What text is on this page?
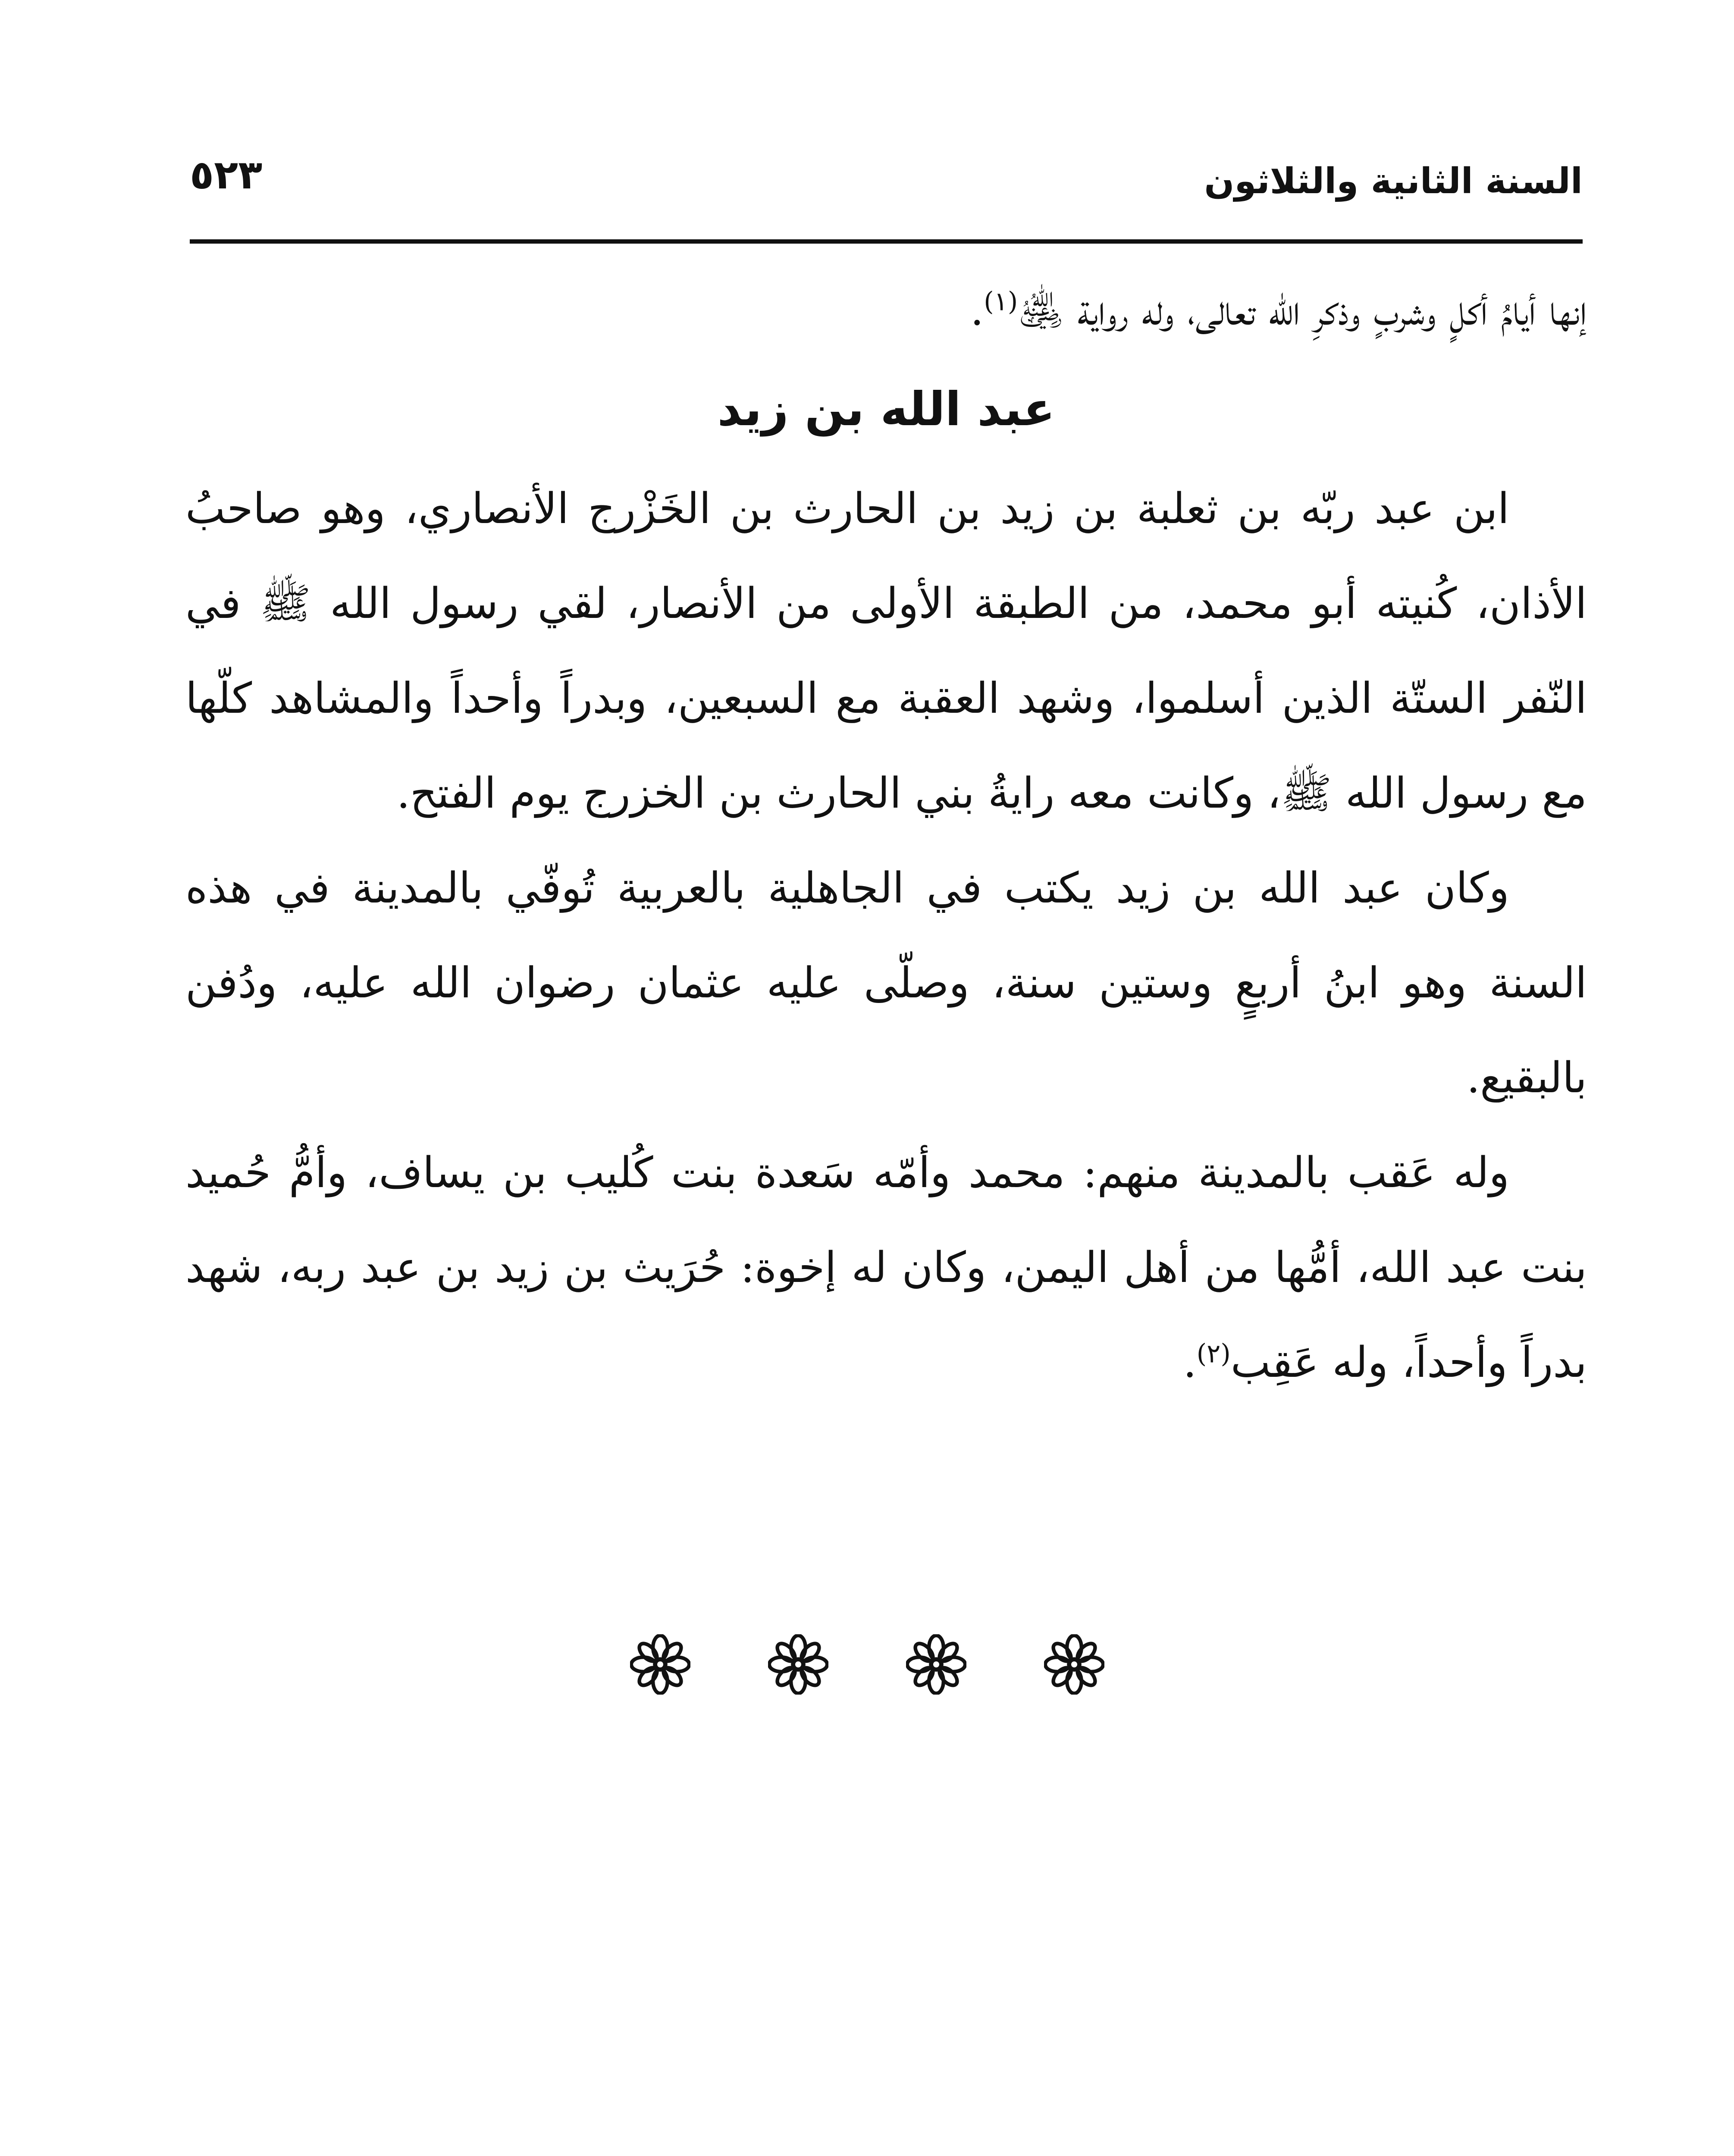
السنة الثانية والثلاثون
٥٢٣

إنها أيامُ أكلٍ وشربٍ وذكرِ الله تعالى، وله رواية ﵁$^{(١)}$.

عبد الله بن زيد

ابن عبد ربّه بن ثعلبة بن زيد بن الحارث بن الخَزْرج الأنصاري، وهو صاحبُ الأذان، كُنيته أبو محمد، من الطبقة الأولى من الأنصار، لقي رسول الله ﷺ في النّفر الستّة الذين أسلموا، وشهد العقبة مع السبعين، وبدراً وأحداً والمشاهد كلّها مع رسول الله ﷺ، وكانت معه رايةُ بني الحارث بن الخزرج يوم الفتح.

وكان عبد الله بن زيد يكتب في الجاهلية بالعربية تُوفّي بالمدينة في هذه السنة وهو ابنُ أربعٍ وستين سنة، وصلّى عليه عثمان رضوان الله عليه، ودُفن بالبقيع.

وله عَقب بالمدينة منهم: محمد وأمّه سَعدة بنت كُليب بن يساف، وأمُّ حُميد بنت عبد الله، أمُّها من أهل اليمن، وكان له إخوة: حُرَيث بن زيد بن عبد ربه، شهد بدراً وأحداً، وله عَقِب$^{(٢)}$.
